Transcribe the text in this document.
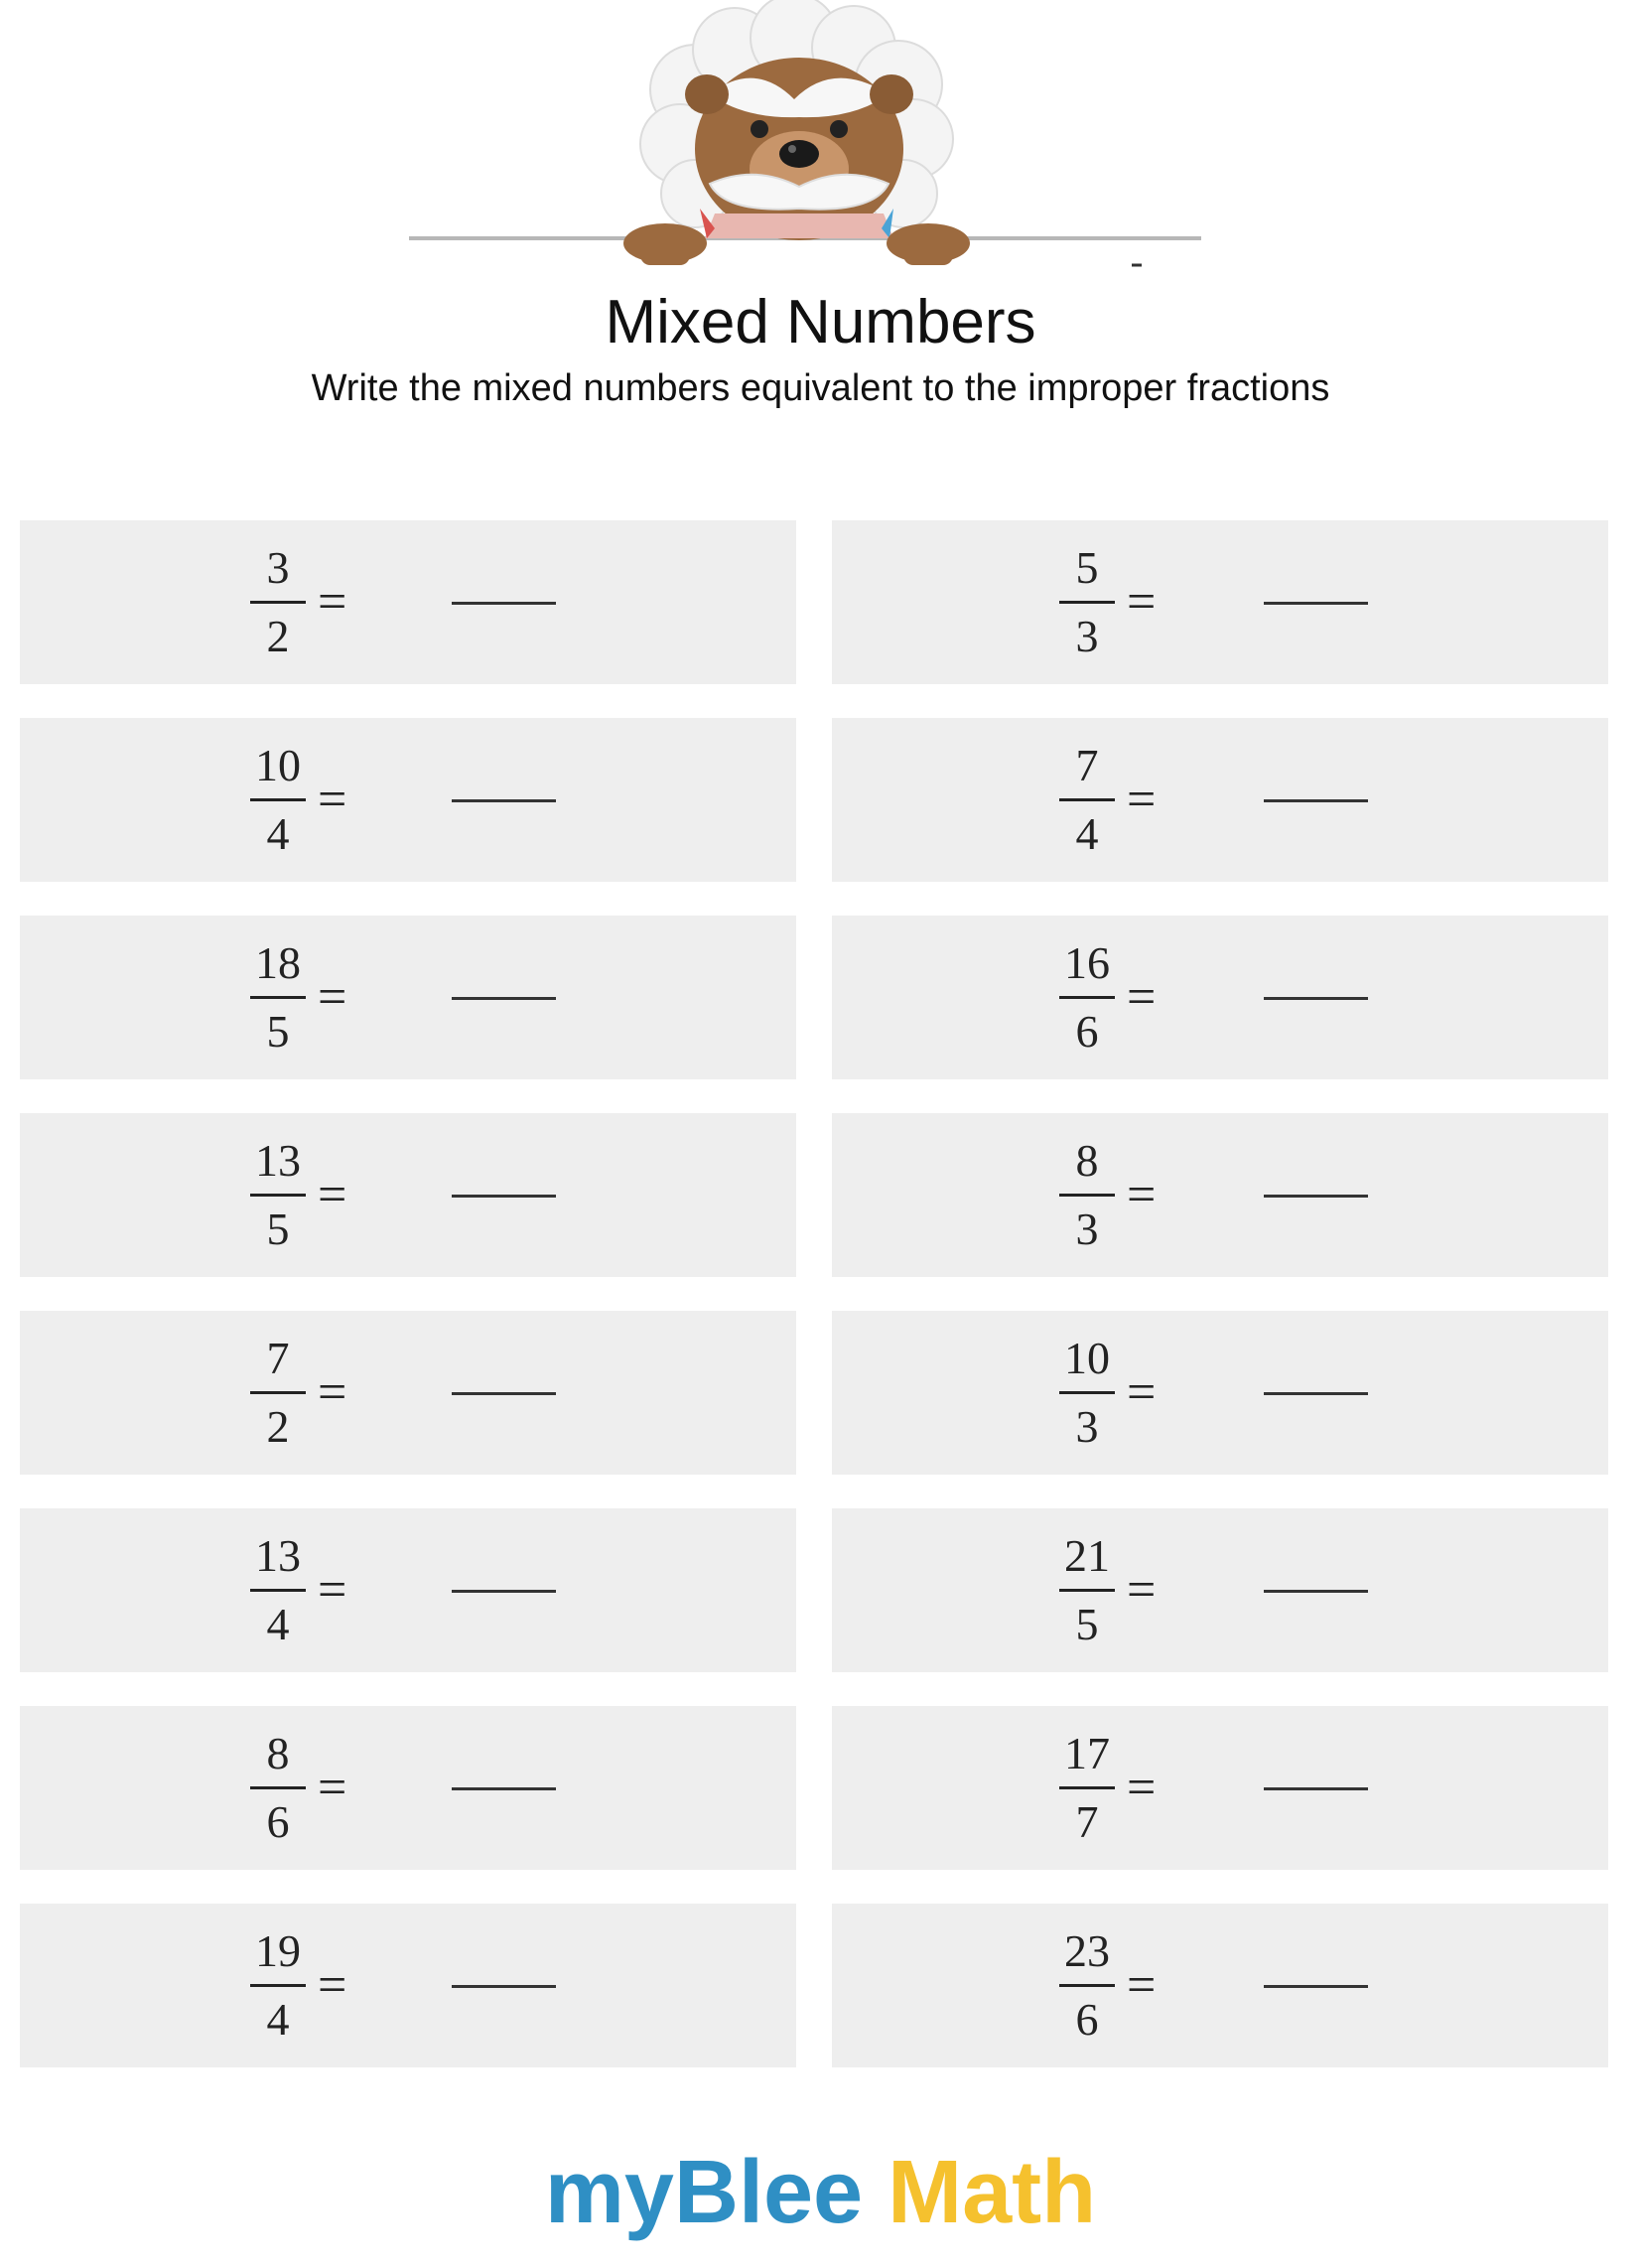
Mixed Numbers
Write the mixed numbers equivalent to the improper fractions
3
2
=
5
3
=
10
4
=
7
4
=
18
5
=
16
6
=
13
5
=
8
3
=
7
2
=
10
3
=
13
4
=
21
5
=
8
6
=
17
7
=
19
4
=
23
6
=
myBlee Math
